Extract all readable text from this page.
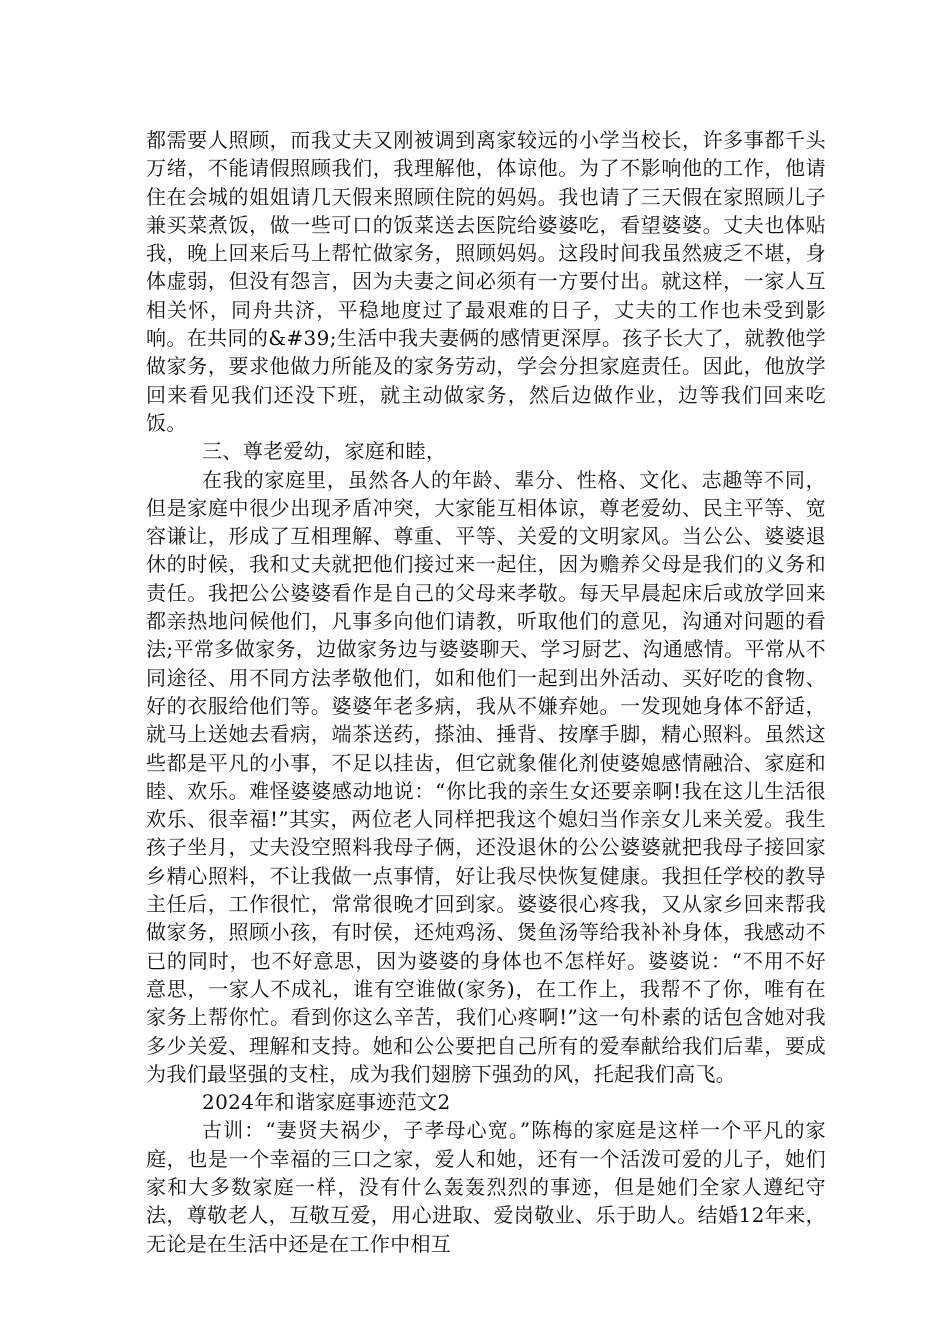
都需要人照顾，而我丈夫又刚被调到离家较远的小学当校长，许多事都千头万绪，不能请假照顾我们，我理解他，体谅他。为了不影响他的工作，他请住在会城的姐姐请几天假来照顾住院的妈妈。我也请了三天假在家照顾儿子兼买菜煮饭，做一些可口的饭菜送去医院给婆婆吃，看望婆婆。丈夫也体贴我，晚上回来后马上帮忙做家务，照顾妈妈。这段时间我虽然疲乏不堪，身体虚弱，但没有怨言，因为夫妻之间必须有一方要付出。就这样，一家人互相关怀，同舟共济，平稳地度过了最艰难的日子，丈夫的工作也未受到影响。在共同的&#39;生活中我夫妻俩的感情更深厚。孩子长大了，就教他学做家务，要求他做力所能及的家务劳动，学会分担家庭责任。因此，他放学回来看见我们还没下班，就主动做家务，然后边做作业，边等我们回来吃饭。

三、尊老爱幼，家庭和睦，

在我的家庭里，虽然各人的年龄、辈分、性格、文化、志趣等不同，但是家庭中很少出现矛盾冲突，大家能互相体谅，尊老爱幼、民主平等、宽容谦让，形成了互相理解、尊重、平等、关爱的文明家风。当公公、婆婆退休的时候，我和丈夫就把他们接过来一起住，因为赡养父母是我们的义务和责任。我把公公婆婆看作是自己的父母来孝敬。每天早晨起床后或放学回来都亲热地问候他们，凡事多向他们请教，听取他们的意见，沟通对问题的看法;平常多做家务，边做家务边与婆婆聊天、学习厨艺、沟通感情。平常从不同途径、用不同方法孝敬他们，如和他们一起到出外活动、买好吃的食物、好的衣服给他们等。婆婆年老多病，我从不嫌弃她。一发现她身体不舒适，就马上送她去看病，端茶送药，搽油、捶背、按摩手脚，精心照料。虽然这些都是平凡的小事，不足以挂齿，但它就象催化剂使婆媳感情融洽、家庭和睦、欢乐。难怪婆婆感动地说：“你比我的亲生女还要亲啊!我在这儿生活很欢乐、很幸福!”其实，两位老人同样把我这个媳妇当作亲女儿来关爱。我生孩子坐月，丈夫没空照料我母子俩，还没退休的公公婆婆就把我母子接回家乡精心照料，不让我做一点事情，好让我尽快恢复健康。我担任学校的教导主任后，工作很忙，常常很晚才回到家。婆婆很心疼我，又从家乡回来帮我做家务，照顾小孩，有时侯，还炖鸡汤、煲鱼汤等给我补补身体，我感动不已的同时，也不好意思，因为婆婆的身体也不怎样好。婆婆说：“不用不好意思，一家人不成礼，谁有空谁做(家务)，在工作上，我帮不了你，唯有在家务上帮你忙。看到你这么辛苦，我们心疼啊!”这一句朴素的话包含她对我多少关爱、理解和支持。她和公公要把自己所有的爱奉献给我们后辈，要成为我们最坚强的支柱，成为我们翅膀下强劲的风，托起我们高飞。

2024年和谐家庭事迹范文2

古训：“妻贤夫祸少，子孝母心宽。”陈梅的家庭是这样一个平凡的家庭，也是一个幸福的三口之家，爱人和她，还有一个活泼可爱的儿子，她们家和大多数家庭一样，没有什么轰轰烈烈的事迹，但是她们全家人遵纪守法，尊敬老人，互敬互爱，用心进取、爱岗敬业、乐于助人。结婚12年来，无论是在生活中还是在工作中相互
